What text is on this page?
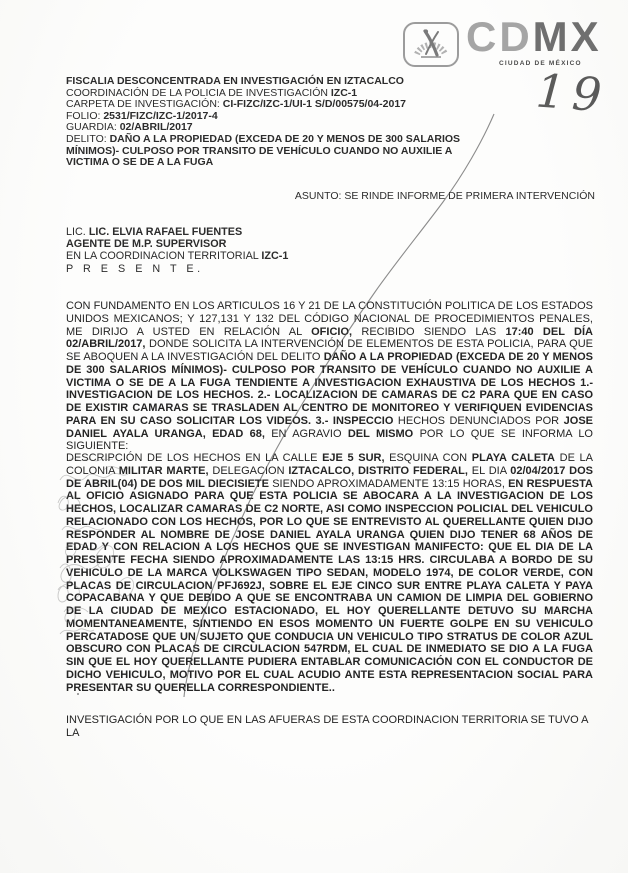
CDMX
CIUDAD DE MÉXICO
19
FISCALIA DESCONCENTRADA EN INVESTIGACIÓN EN IZTACALCO
COORDINACIÓN DE LA POLICIA DE INVESTIGACIÓN IZC-1
CARPETA DE INVESTIGACIÓN: CI-FIZC/IZC-1/UI-1 S/D/00575/04-2017
FOLIO: 2531/FIZC/IZC-1/2017-4
GUARDIA: 02/ABRIL/2017
DELITO: DAÑO A LA PROPIEDAD (EXCEDA DE 20 Y MENOS DE 300 SALARIOS MÍNIMOS)- CULPOSO POR TRANSITO DE VEHÍCULO CUANDO NO AUXILIE A VICTIMA O SE DE A LA FUGA
ASUNTO: SE RINDE INFORME DE PRIMERA INTERVENCIÓN
LIC. LIC. ELVIA RAFAEL FUENTES
AGENTE DE M.P. SUPERVISOR
EN LA COORDINACION TERRITORIAL IZC-1
P R E S E N T E.

CON FUNDAMENTO EN LOS ARTICULOS 16 Y 21 DE LA CONSTITUCIÓN POLITICA DE LOS ESTADOS UNIDOS MEXICANOS; Y 127,131 Y 132 DEL CÓDIGO NACIONAL DE PROCEDIMIENTOS PENALES, ME DIRIJO A USTED EN RELACIÓN AL OFICIO, RECIBIDO SIENDO LAS 17:40 DEL DÍA 02/ABRIL/2017, DONDE SOLICITA LA INTERVENCIÓN DE ELEMENTOS DE ESTA POLICIA, PARA QUE SE ABOQUEN A LA INVESTIGACIÓN DEL DELITO DAÑO A LA PROPIEDAD (EXCEDA DE 20 Y MENOS DE 300 SALARIOS MÍNIMOS)- CULPOSO POR TRANSITO DE VEHÍCULO CUANDO NO AUXILIE A VICTIMA O SE DE A LA FUGA TENDIENTE A INVESTIGACION EXHAUSTIVA DE LOS HECHOS 1.- INVESTIGACION DE LOS HECHOS. 2.- LOCALIZACION DE CAMARAS DE C2 PARA QUE EN CASO DE EXISTIR CAMARAS SE TRASLADEN AL CENTRO DE MONITOREO Y VERIFIQUEN EVIDENCIAS PARA EN SU CASO SOLICITAR LOS VIDEOS. 3.- INSPECCIO HECHOS DENUNCIADOS POR JOSE DANIEL AYALA URANGA, EDAD 68, EN AGRAVIO DEL MISMO POR LO QUE SE INFORMA LO SIGUIENTE:

DESCRIPCIÓN DE LOS HECHOS EN LA CALLE EJE 5 SUR, ESQUINA CON PLAYA CALETA DE LA COLONIA MILITAR MARTE, DELEGACION IZTACALCO, DISTRITO FEDERAL, EL DIA 02/04/2017 DOS DE ABRIL(04) DE DOS MIL DIECISIETE SIENDO APROXIMADAMENTE 13:15 HORAS, EN RESPUESTA AL OFICIO ASIGNADO PARA QUE ESTA POLICIA SE ABOCARA A LA INVESTIGACION DE LOS HECHOS, LOCALIZAR CAMARAS DE C2 NORTE, ASI COMO INSPECCION POLICIAL DEL VEHICULO RELACIONADO CON LOS HECHOS, POR LO QUE SE ENTREVISTO AL QUERELLANTE QUIEN DIJO RESPONDER AL NOMBRE DE JOSE DANIEL AYALA URANGA QUIEN DIJO TENER 68 AÑOS DE EDAD Y CON RELACION A LOS HECHOS QUE SE INVESTIGAN MANIFECTO: QUE EL DIA DE LA PRESENTE FECHA SIENDO APROXIMADAMENTE LAS 13:15 HRS. CIRCULABA A BORDO DE SU VEHICULO DE LA MARCA VOLKSWAGEN TIPO SEDAN, MODELO 1974, DE COLOR VERDE, CON PLACAS DE CIRCULACION PFJ692J, SOBRE EL EJE CINCO SUR ENTRE PLAYA CALETA Y PAYA COPACABANA Y QUE DEBIDO A QUE SE ENCONTRABA UN CAMION DE LIMPIA DEL GOBIERNO DE LA CIUDAD DE MEXICO ESTACIONADO, EL HOY QUERELLANTE DETUVO SU MARCHA MOMENTANEAMENTE, SINTIENDO EN ESOS MOMENTO UN FUERTE GOLPE EN SU VEHICULO PERCATADOSE QUE UN SUJETO QUE CONDUCIA UN VEHICULO TIPO STRATUS DE COLOR AZUL OBSCURO CON PLACAS DE CIRCULACION 547RDM, EL CUAL DE INMEDIATO SE DIO A LA FUGA SIN QUE EL HOY QUERELLANTE PUDIERA ENTABLAR COMUNICACIÓN CON EL CONDUCTOR DE DICHO VEHICULO, MOTIVO POR EL CUAL ACUDIO ANTE ESTA REPRESENTACION SOCIAL PARA PRESENTAR SU QUERELLA CORRESPONDIENTE..

INVESTIGACIÓN POR LO QUE EN LAS AFUERAS DE ESTA COORDINACION TERRITORIA SE TUVO A LA
